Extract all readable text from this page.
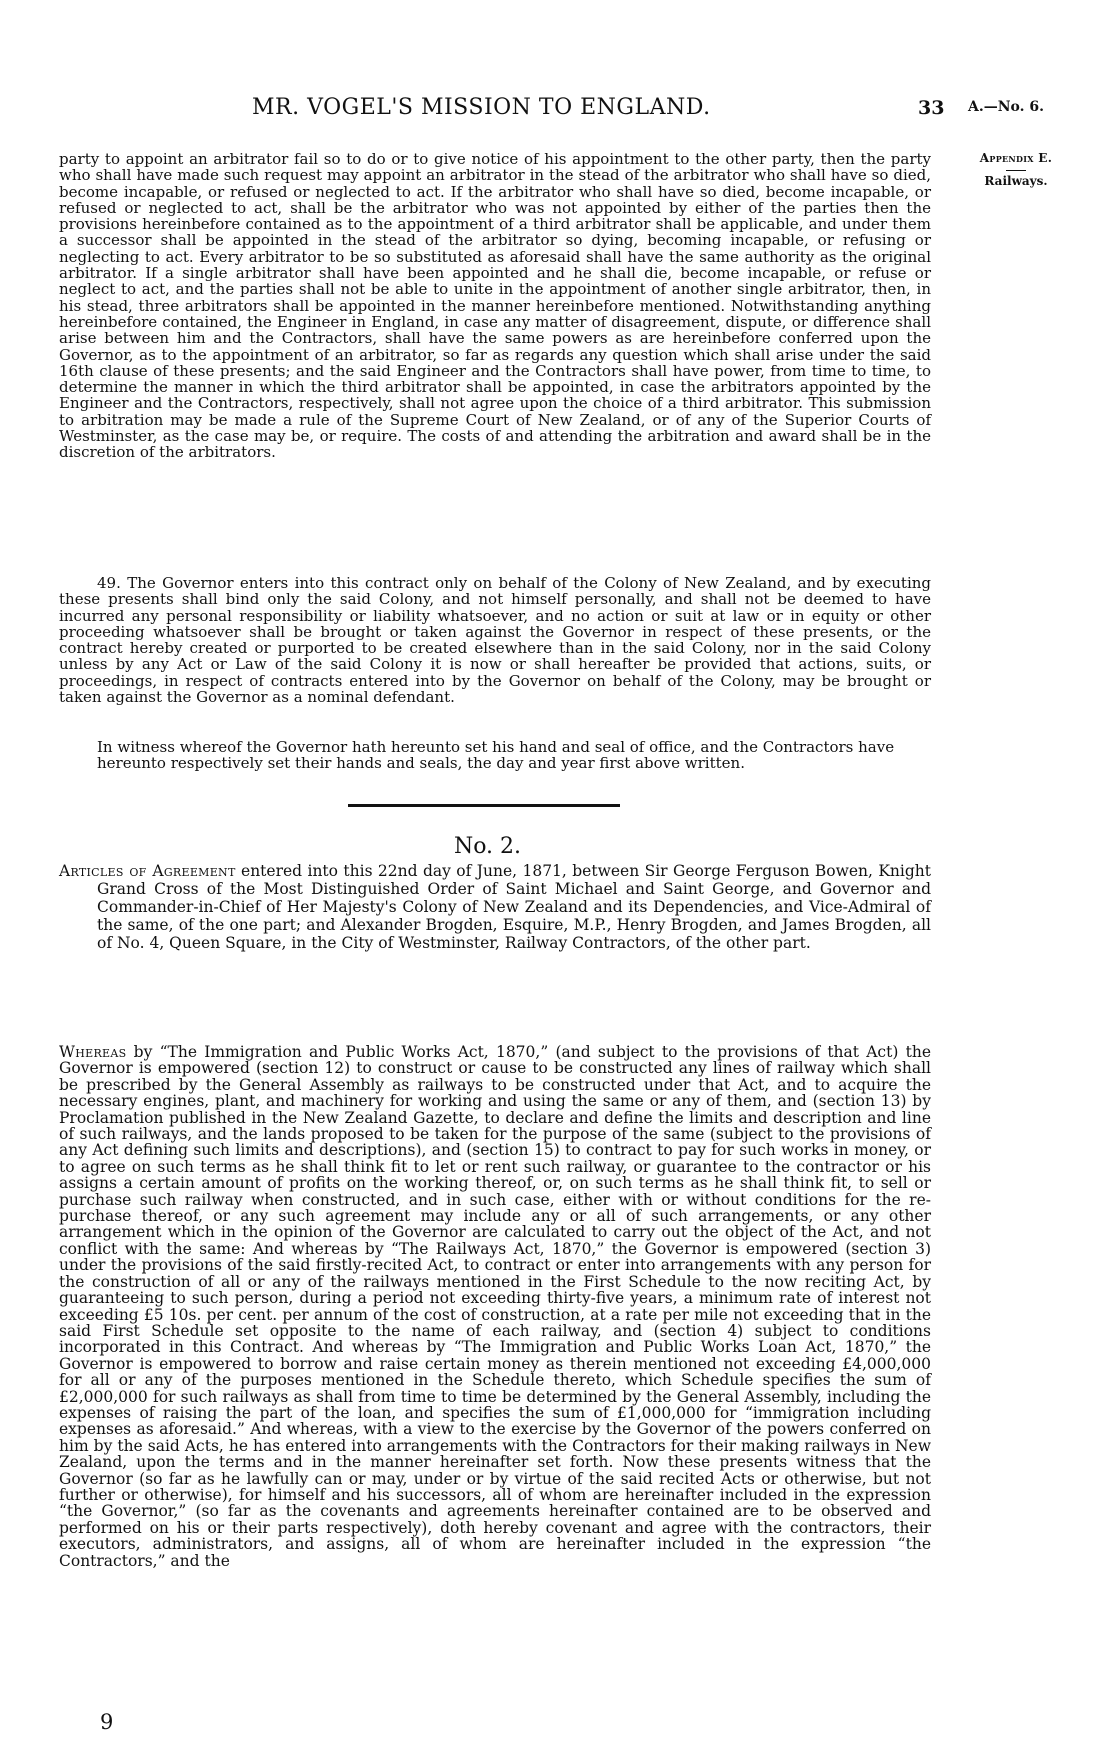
MR. VOGEL'S MISSION TO ENGLAND.	33 A.—No. 6.
Appendix E.
Railways.

party to appoint an arbitrator fail so to do or to give notice of his appointment to the other party, then the party who shall have made such request may appoint an arbitrator in the stead of the arbitrator who shall have so died, become incapable, or refused or neglected to act. If the arbitrator who shall have so died, become incapable, or refused or neglected to act, shall be the arbitrator who was not appointed by either of the parties then the provisions hereinbefore contained as to the appointment of a third arbitrator shall be applicable, and under them a successor shall be appointed in the stead of the arbitrator so dying, becoming incapable, or refusing or neglecting to act. Every arbitrator to be so substituted as aforesaid shall have the same authority as the original arbitrator. If a single arbitrator shall have been appointed and he shall die, become incapable, or refuse or neglect to act, and the parties shall not be able to unite in the appointment of another single arbitrator, then, in his stead, three arbitrators shall be appointed in the manner hereinbefore mentioned. Notwithstanding anything hereinbefore contained, the Engineer in England, in case any matter of disagreement, dispute, or difference shall arise between him and the Contractors, shall have the same powers as are hereinbefore conferred upon the Governor, as to the appointment of an arbitrator, so far as regards any question which shall arise under the said 16th clause of these presents; and the said Engineer and the Contractors shall have power, from time to time, to determine the manner in which the third arbitrator shall be appointed, in case the arbitrators appointed by the Engineer and the Contractors, respectively, shall not agree upon the choice of a third arbitrator. This submission to arbitration may be made a rule of the Supreme Court of New Zealand, or of any of the Superior Courts of Westminster, as the case may be, or require. The costs of and attending the arbitration and award shall be in the discretion of the arbitrators.

49. The Governor enters into this contract only on behalf of the Colony of New Zealand, and by executing these presents shall bind only the said Colony, and not himself personally, and shall not be deemed to have incurred any personal responsibility or liability whatsoever, and no action or suit at law or in equity or other proceeding whatsoever shall be brought or taken against the Governor in respect of these presents, or the contract hereby created or purported to be created elsewhere than in the said Colony, nor in the said Colony unless by any Act or Law of the said Colony it is now or shall hereafter be provided that actions, suits, or proceedings, in respect of contracts entered into by the Governor on behalf of the Colony, may be brought or taken against the Governor as a nominal defendant.

In witness whereof the Governor hath hereunto set his hand and seal of office, and the Contractors have hereunto respectively set their hands and seals, the day and year first above written.

No. 2.

Articles of Agreement entered into this 22nd day of June, 1871, between Sir George Ferguson Bowen, Knight Grand Cross of the Most Distinguished Order of Saint Michael and Saint George, and Governor and Commander-in-Chief of Her Majesty's Colony of New Zealand and its Dependencies, and Vice-Admiral of the same, of the one part; and Alexander Brogden, Esquire, M.P., Henry Brogden, and James Brogden, all of No. 4, Queen Square, in the City of Westminster, Railway Contractors, of the other part.

Whereas by “The Immigration and Public Works Act, 1870,” (and subject to the provisions of that Act) the Governor is empowered (section 12) to construct or cause to be constructed any lines of railway which shall be prescribed by the General Assembly as railways to be constructed under that Act, and to acquire the necessary engines, plant, and machinery for working and using the same or any of them, and (section 13) by Proclamation published in the New Zealand Gazette, to declare and define the limits and description and line of such railways, and the lands proposed to be taken for the purpose of the same (subject to the provisions of any Act defining such limits and descriptions), and (section 15) to contract to pay for such works in money, or to agree on such terms as he shall think fit to let or rent such railway, or guarantee to the contractor or his assigns a certain amount of profits on the working thereof, or, on such terms as he shall think fit, to sell or purchase such railway when constructed, and in such case, either with or without conditions for the re-purchase thereof, or any such agreement may include any or all of such arrangements, or any other arrangement which in the opinion of the Governor are calculated to carry out the object of the Act, and not conflict with the same: And whereas by “The Railways Act, 1870,” the Governor is empowered (section 3) under the provisions of the said firstly-recited Act, to contract or enter into arrangements with any person for the construction of all or any of the railways mentioned in the First Schedule to the now reciting Act, by guaranteeing to such person, during a period not exceeding thirty-five years, a minimum rate of interest not exceeding £5 10s. per cent. per annum of the cost of construction, at a rate per mile not exceeding that in the said First Schedule set opposite to the name of each railway, and (section 4) subject to conditions incorporated in this Contract. And whereas by “The Immigration and Public Works Loan Act, 1870,” the Governor is empowered to borrow and raise certain money as therein mentioned not exceeding £4,000,000 for all or any of the purposes mentioned in the Schedule thereto, which Schedule specifies the sum of £2,000,000 for such railways as shall from time to time be determined by the General Assembly, including the expenses of raising the part of the loan, and specifies the sum of £1,000,000 for “immigration including expenses as aforesaid.” And whereas, with a view to the exercise by the Governor of the powers conferred on him by the said Acts, he has entered into arrangements with the Contractors for their making railways in New Zealand, upon the terms and in the manner hereinafter set forth. Now these presents witness that the Governor (so far as he lawfully can or may, under or by virtue of the said recited Acts or otherwise, but not further or otherwise), for himself and his successors, all of whom are hereinafter included in the expression “the Governor,” (so far as the covenants and agreements hereinafter contained are to be observed and performed on his or their parts respectively), doth hereby covenant and agree with the contractors, their executors, administrators, and assigns, all of whom are hereinafter included in the expression “the Contractors,” and the

9
